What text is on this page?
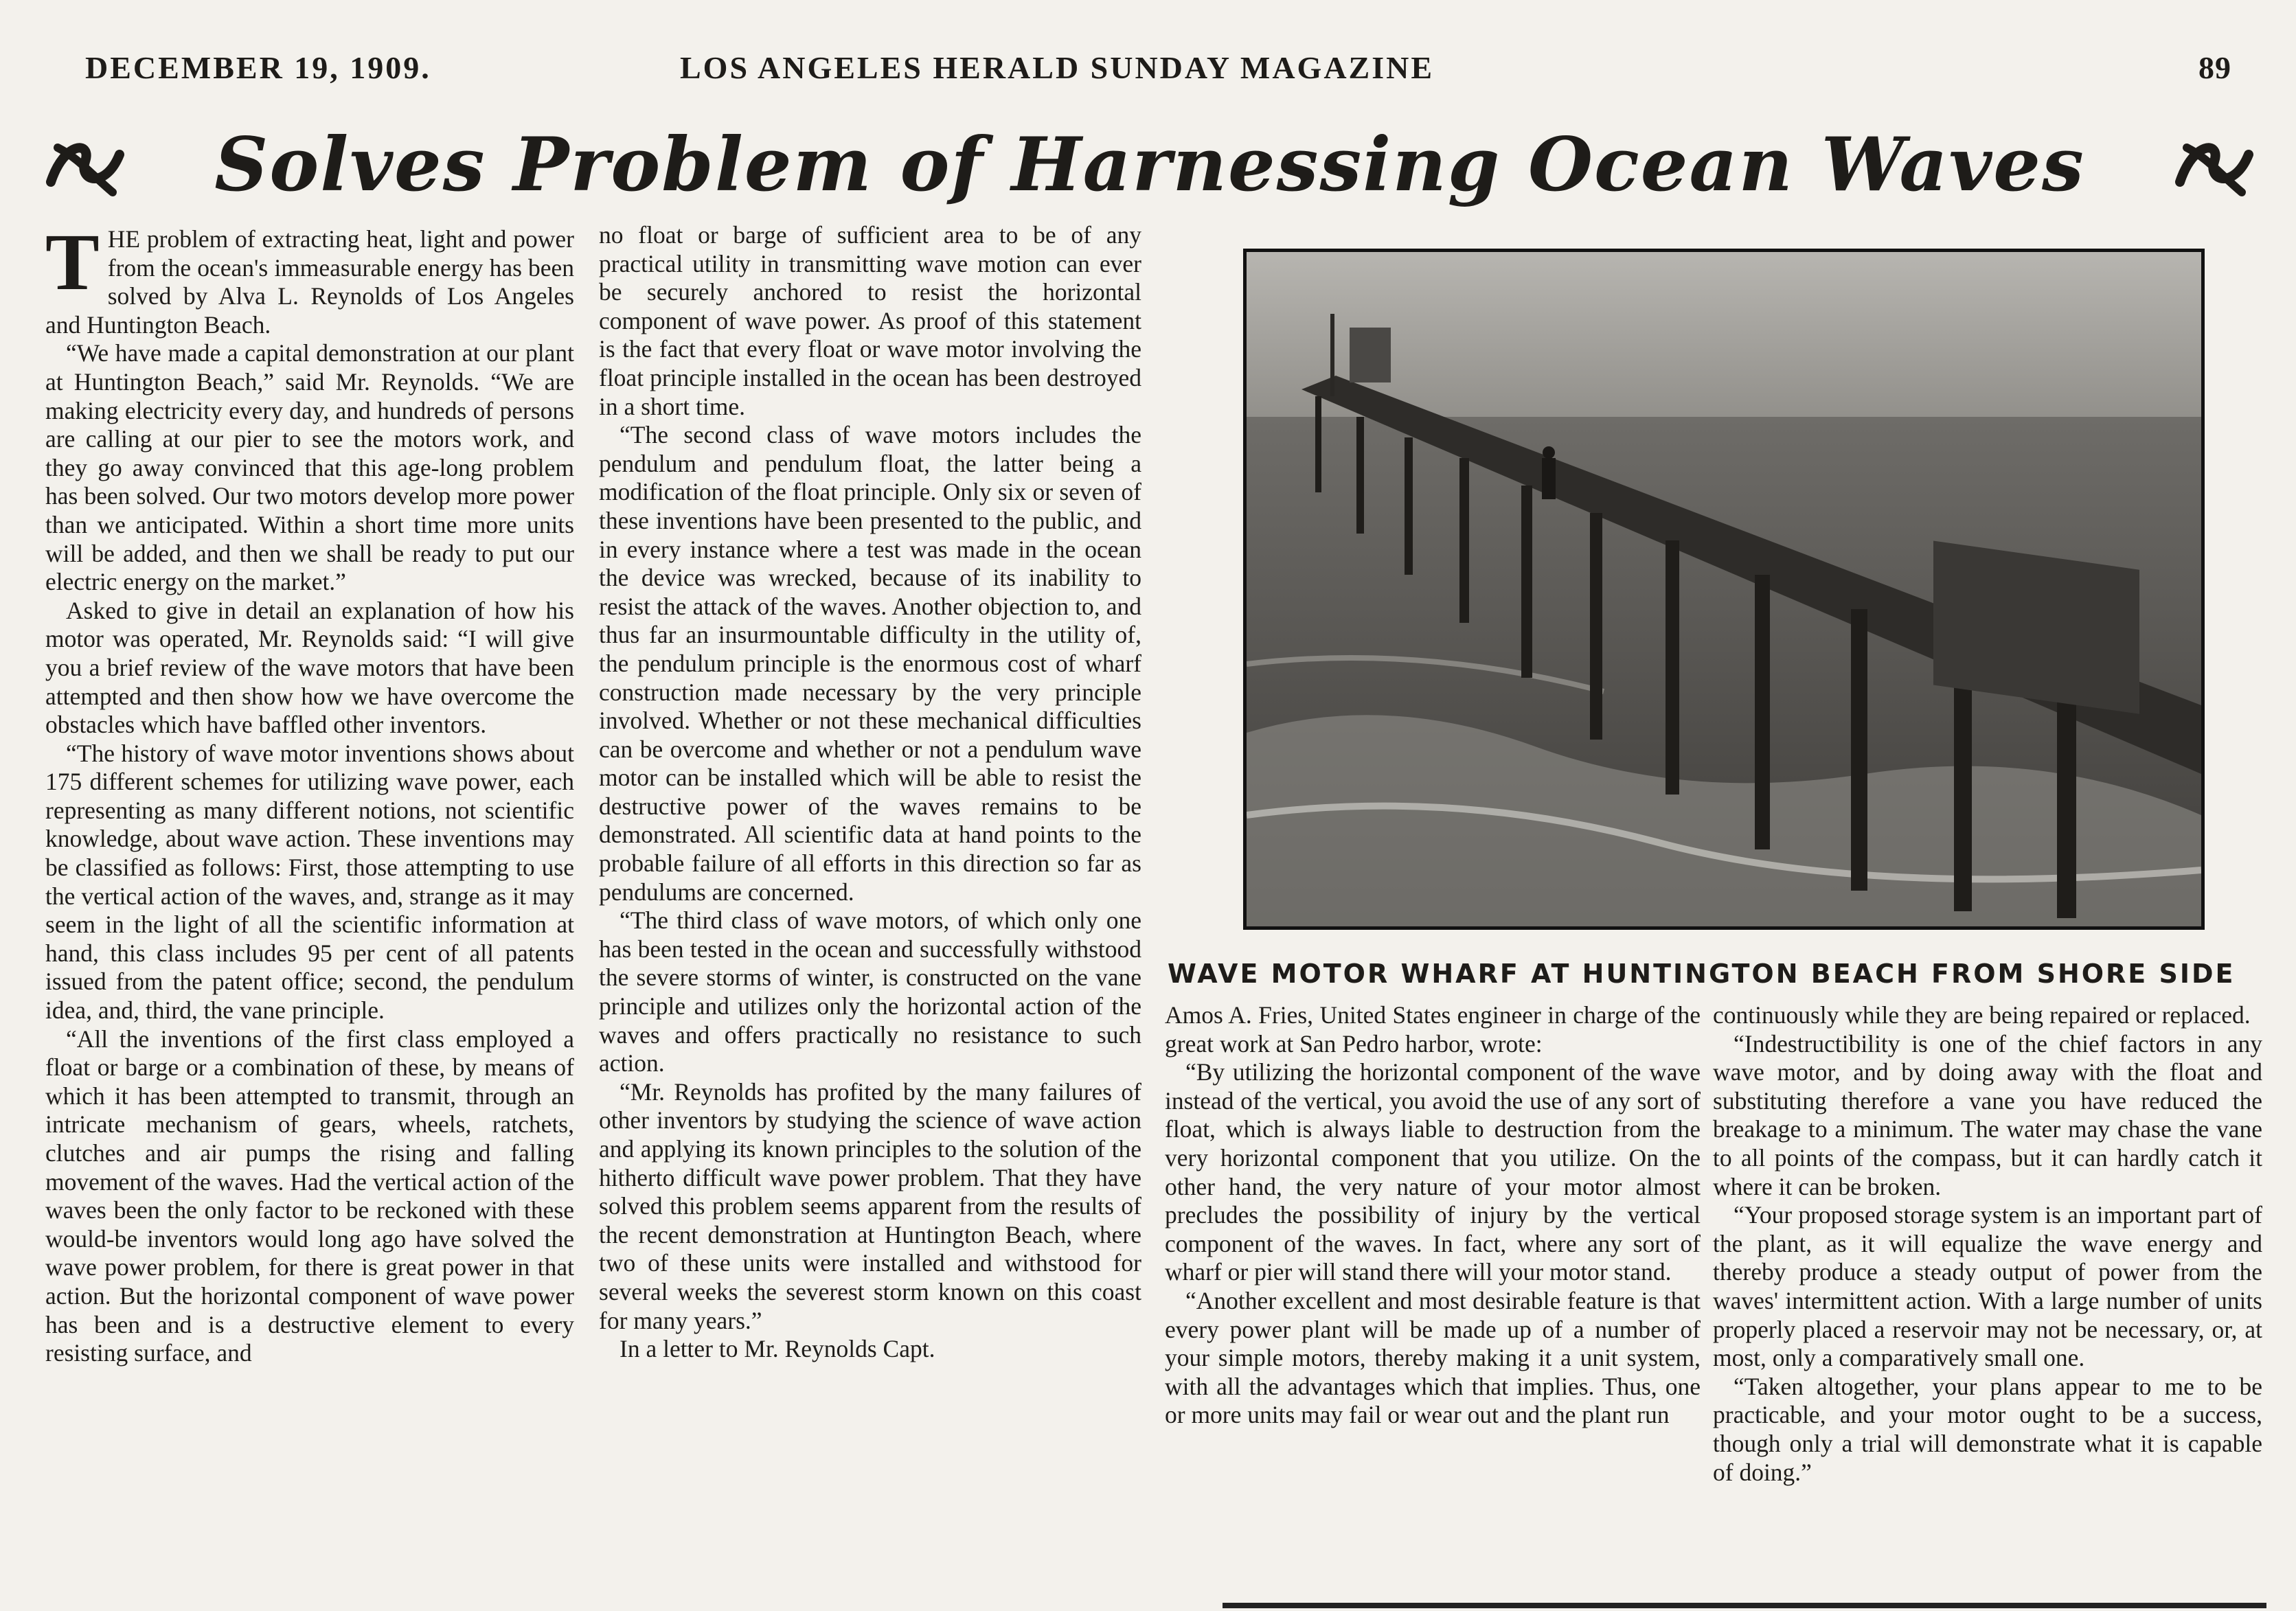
DECEMBER 19, 1909.	LOS ANGELES HERALD SUNDAY MAGAZINE	89
Solves Problem of Harnessing Ocean Waves

THE problem of extracting heat, light and power from the ocean's immeasurable energy has been solved by Alva L. Reynolds of Los Angeles and Huntington Beach.

“We have made a capital demonstration at our plant at Huntington Beach,” said Mr. Reynolds. “We are making electricity every day, and hundreds of persons are calling at our pier to see the motors work, and they go away convinced that this age-long problem has been solved. Our two motors develop more power than we anticipated. Within a short time more units will be added, and then we shall be ready to put our electric energy on the market.”

Asked to give in detail an explanation of how his motor was operated, Mr. Reynolds said: “I will give you a brief review of the wave motors that have been attempted and then show how we have overcome the obstacles which have baffled other inventors.

“The history of wave motor inventions shows about 175 different schemes for utilizing wave power, each representing as many different notions, not scientific knowledge, about wave action. These inventions may be classified as follows: First, those attempting to use the vertical action of the waves, and, strange as it may seem in the light of all the scientific information at hand, this class includes 95 per cent of all patents issued from the patent office; second, the pendulum idea, and, third, the vane principle.

“All the inventions of the first class employed a float or barge or a combination of these, by means of which it has been attempted to transmit, through an intricate mechanism of gears, wheels, ratchets, clutches and air pumps the rising and falling movement of the waves. Had the vertical action of the waves been the only factor to be reckoned with these would-be inventors would long ago have solved the wave power problem, for there is great power in that action. But the horizontal component of wave power has been and is a destructive element to every resisting surface, and

no float or barge of sufficient area to be of any practical utility in transmitting wave motion can ever be securely anchored to resist the horizontal component of wave power. As proof of this statement is the fact that every float or wave motor involving the float principle installed in the ocean has been destroyed in a short time.

“The second class of wave motors includes the pendulum and pendulum float, the latter being a modification of the float principle. Only six or seven of these inventions have been presented to the public, and in every instance where a test was made in the ocean the device was wrecked, because of its inability to resist the attack of the waves. Another objection to, and thus far an insurmountable difficulty in the utility of, the pendulum principle is the enormous cost of wharf construction made necessary by the very principle involved. Whether or not these mechanical difficulties can be overcome and whether or not a pendulum wave motor can be installed which will be able to resist the destructive power of the waves remains to be demonstrated. All scientific data at hand points to the probable failure of all efforts in this direction so far as pendulums are concerned.

“The third class of wave motors, of which only one has been tested in the ocean and successfully withstood the severe storms of winter, is constructed on the vane principle and utilizes only the horizontal action of the waves and offers practically no resistance to such action.

“Mr. Reynolds has profited by the many failures of other inventors by studying the science of wave action and applying its known principles to the solution of the hitherto difficult wave power problem. That they have solved this problem seems apparent from the results of the recent demonstration at Huntington Beach, where two of these units were installed and withstood for several weeks the severest storm known on this coast for many years.”

In a letter to Mr. Reynolds Capt.

WAVE MOTOR WHARF AT HUNTINGTON BEACH FROM SHORE SIDE

Amos A. Fries, United States engineer in charge of the great work at San Pedro harbor, wrote:

“By utilizing the horizontal component of the wave instead of the vertical, you avoid the use of any sort of float, which is always liable to destruction from the very horizontal component that you utilize. On the other hand, the very nature of your motor almost precludes the possibility of injury by the vertical component of the waves. In fact, where any sort of wharf or pier will stand there will your motor stand.

“Another excellent and most desirable feature is that every power plant will be made up of a number of your simple motors, thereby making it a unit system, with all the advantages which that implies. Thus, one or more units may fail or wear out and the plant run

continuously while they are being repaired or replaced.

“Indestructibility is one of the chief factors in any wave motor, and by doing away with the float and substituting therefore a vane you have reduced the breakage to a minimum. The water may chase the vane to all points of the compass, but it can hardly catch it where it can be broken.

“Your proposed storage system is an important part of the plant, as it will equalize the wave energy and thereby produce a steady output of power from the waves' intermittent action. With a large number of units properly placed a reservoir may not be necessary, or, at most, only a comparatively small one.

“Taken altogether, your plans appear to me to be practicable, and your motor ought to be a success, though only a trial will demonstrate what it is capable of doing.”
